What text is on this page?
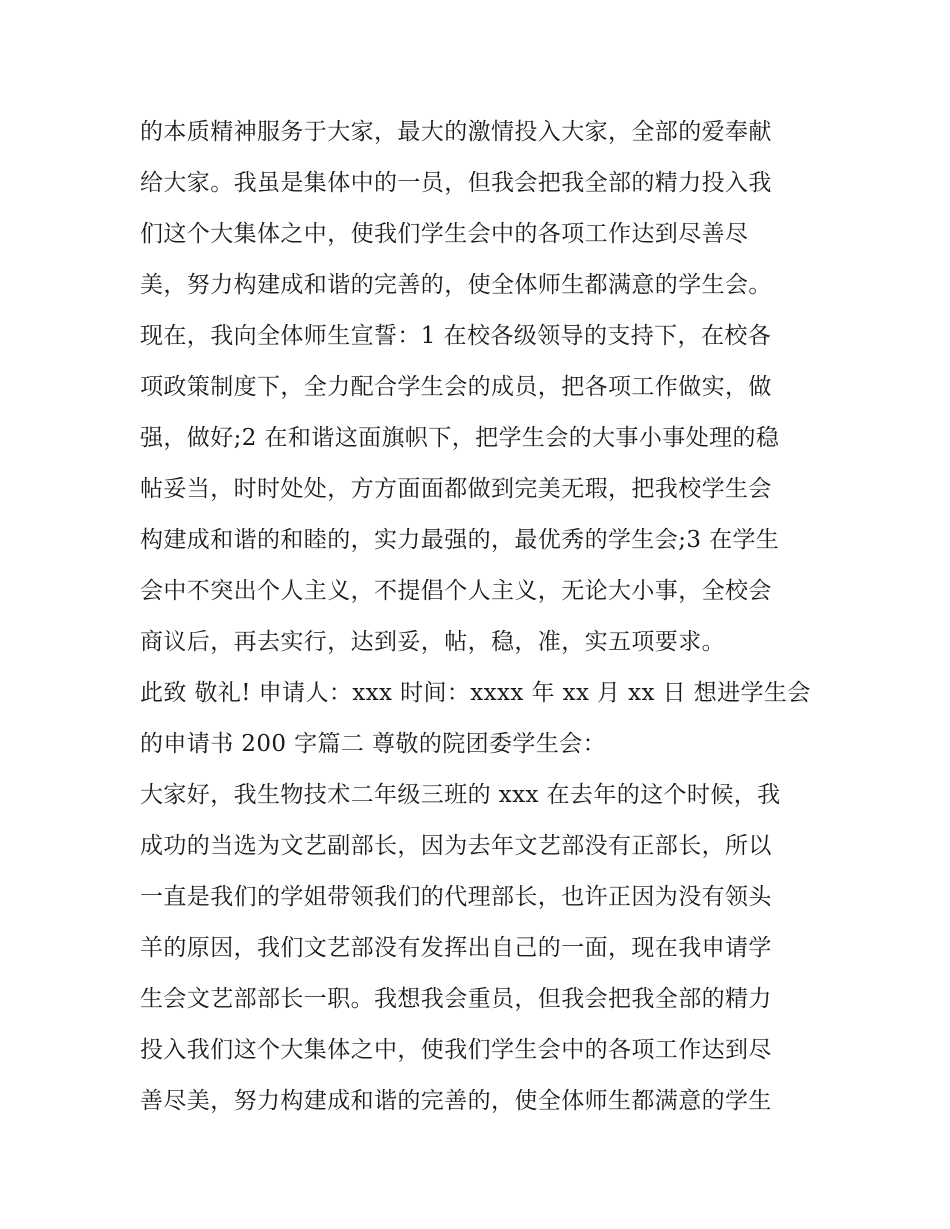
的本质精神服务于大家，最大的激情投入大家，全部的爱奉献
给大家。我虽是集体中的一员，但我会把我全部的精力投入我
们这个大集体之中，使我们学生会中的各项工作达到尽善尽
美，努力构建成和谐的完善的，使全体师生都满意的学生会。
现在，我向全体师生宣誓：1 在校各级领导的支持下，在校各
项政策制度下，全力配合学生会的成员，把各项工作做实，做
强，做好;2 在和谐这面旗帜下，把学生会的大事小事处理的稳
帖妥当，时时处处，方方面面都做到完美无瑕，把我校学生会
构建成和谐的和睦的，实力最强的，最优秀的学生会;3 在学生
会中不突出个人主义，不提倡个人主义，无论大小事，全校会
商议后，再去实行，达到妥，帖，稳，准，实五项要求。
此致 敬礼! 申请人：xxx 时间：xxxx 年 xx 月 xx 日 想进学生会
的申请书 200 字篇二 尊敬的院团委学生会：
大家好，我生物技术二年级三班的 xxx 在去年的这个时候，我
成功的当选为文艺副部长，因为去年文艺部没有正部长，所以
一直是我们的学姐带领我们的代理部长，也许正因为没有领头
羊的原因，我们文艺部没有发挥出自己的一面，现在我申请学
生会文艺部部长一职。我想我会重员，但我会把我全部的精力
投入我们这个大集体之中，使我们学生会中的各项工作达到尽
善尽美，努力构建成和谐的完善的，使全体师生都满意的学生
